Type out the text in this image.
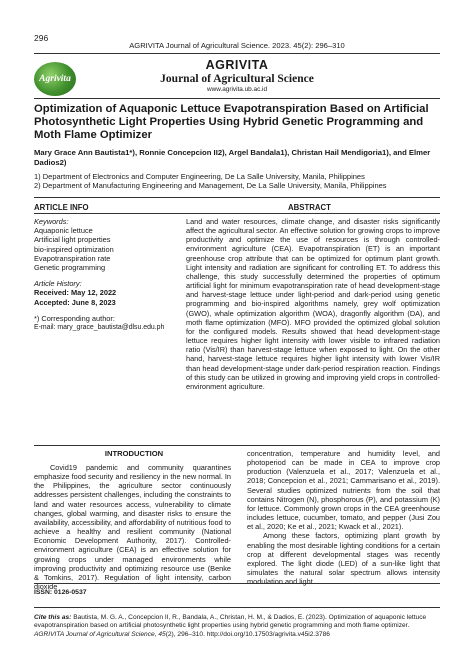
296
AGRIVITA Journal of Agricultural Science. 2023. 45(2): 296–310
Agrivita
AGRIVITA
Journal of Agricultural Science
www.agrivita.ub.ac.id
Optimization of Aquaponic Lettuce Evapotranspiration Based on Artificial Photosynthetic Light Properties Using Hybrid Genetic Programming and Moth Flame Optimizer
Mary Grace Ann Bautista1*), Ronnie Concepcion II2), Argel Bandala1), Christan Hail Mendigoria1), and Elmer Dadios2)
1) Department of Electronics and Computer Engineering, De La Salle University, Manila, Philippines
2) Department of Manufacturing Engineering and Management, De La Salle University, Manila, Philippines
ARTICLE INFO	ABSTRACT
Keywords:
Aquaponic lettuce
Artificial light properties
bio-inspired optimization
Evapotranspiration rate
Genetic programming
Article History:
Received: May 12, 2022
Accepted: June 8, 2023
*) Corresponding author:
E-mail: mary_grace_bautista@dlsu.edu.ph
Land and water resources, climate change, and disaster risks significantly affect the agricultural sector. An effective solution for growing crops to improve productivity and optimize the use of resources is through controlled-environment agriculture (CEA). Evapotranspiration (ET) is an important greenhouse crop attribute that can be optimized for optimum plant growth. Light intensity and radiation are significant for controlling ET. To address this challenge, this study successfully determined the properties of optimum artificial light for minimum evapotranspiration rate of head development-stage and harvest-stage lettuce under light-period and dark-period using genetic programming and bio-inspired algorithms namely, grey wolf optimization (GWO), whale optimization algorithm (WOA), dragonfly algorithm (DA), and moth flame optimization (MFO). MFO provided the optimized global solution for the configured models. Results showed that head development-stage lettuce requires higher light intensity with lower visible to infrared radiation ratio (Vis/IR) than harvest-stage lettuce when exposed to light. On the other hand, harvest-stage lettuce requires higher light intensity with lower Vis/IR than head development-stage under dark-period respiration reaction. Findings of this study can be utilized in growing and improving yield crops in controlled-environment agriculture.
INTRODUCTION
Covid19 pandemic and community quarantines emphasize food security and resiliency in the new normal. In the Philippines, the agriculture sector continuously addresses persistent challenges, including the constraints to land and water resources access, vulnerability to climate changes, global warming, and disaster risks to ensure the availability, accessibility, and affordability of nutritious food to achieve a healthy and resilient community (National Economic Development Authority, 2017). Controlled-environment agriculture (CEA) is an effective solution for growing crops under managed environments while improving productivity and optimizing resource use (Benke & Tomkins, 2017). Regulation of light intensity, carbon dioxide
concentration, temperature and humidity level, and photoperiod can be made in CEA to improve crop production (Valenzuela et al., 2017; Valenzuela et al., 2018; Concepcion et al., 2021; Cammarisano et al., 2019). Several studies optimized nutrients from the soil that contains Nitrogen (N), phosphorous (P), and potassium (K) for lettuce. Commonly grown crops in the CEA greenhouse includes lettuce, cucumber, tomato, and pepper (Jusi Zou et al., 2020; Ke et al., 2021; Kwack et al., 2021).
Among these factors, optimizing plant growth by enabling the most desirable lighting conditions for a certain crop at different developmental stages was recently explored. The light diode (LED) of a sun-like light that simulates the natural solar spectrum allows intensity modulation and light
ISSN: 0126-0537
Cite this as: Bautista, M. G. A., Concepcion II, R., Bandala, A., Christan, H. M., & Dadios, E. (2023). Optimization of aquaponic lettuce evapotranspiration based on artificial photosynthetic light properties using hybrid genetic programming and moth flame optimizer. AGRIVITA Journal of Agricultural Science, 45(2), 296–310. http://doi.org/10.17503/agrivita.v45i2.3786
